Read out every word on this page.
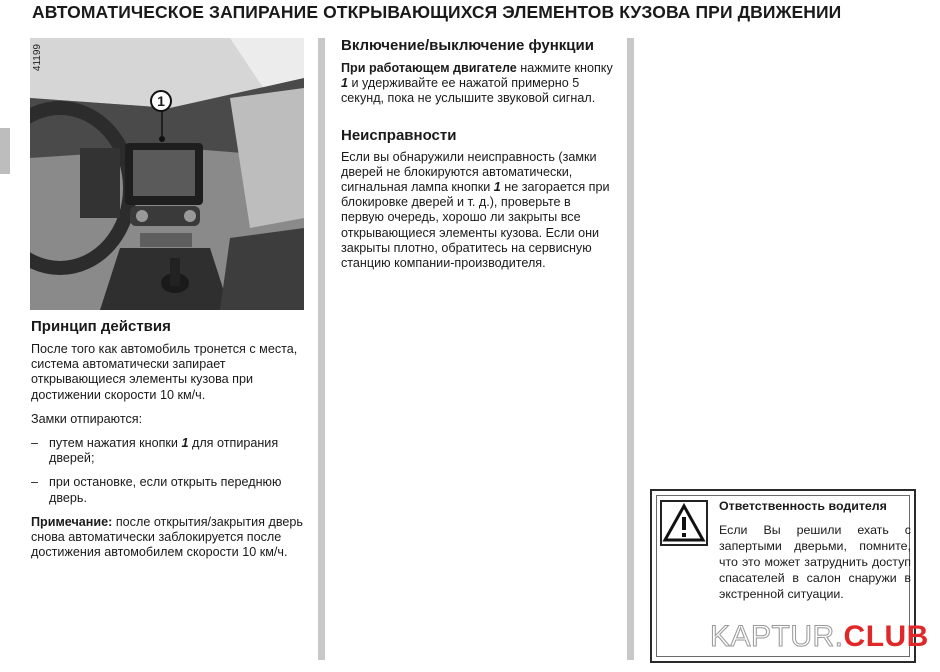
АВТОМАТИЧЕСКОЕ ЗАПИРАНИЕ ОТКРЫВАЮЩИХСЯ ЭЛЕМЕНТОВ КУЗОВА ПРИ ДВИЖЕНИИ
1
41199
Принцип действия

После того как автомобиль тронется с места, система автоматически запирает открывающиеся элементы кузова при достижении скорости 10 км/ч.

Замки отпираются:

– путем нажатия кнопки 1 для отпирания дверей;
– при остановке, если открыть переднюю дверь.

Примечание: после открытия/закрытия дверь снова автоматически заблокируется после достижения автомобилем скорости 10 км/ч.

Включение/выключение функции

При работающем двигателе нажмите кнопку 1 и удерживайте ее нажатой примерно 5 секунд, пока не услышите звуковой сигнал.

Неисправности

Если вы обнаружили неисправность (замки дверей не блокируются автоматически, сигнальная лампа кнопки 1 не загорается при блокировке дверей и т. д.), проверьте в первую очередь, хорошо ли закрыты все открывающиеся элементы кузова. Если они закрыты плотно, обратитесь на сервисную станцию компании-производителя.

Ответственность водителя
Если Вы решили ехать с запертыми дверьми, помните, что это может затруднить доступ спасателей в салон снаружи в экстренной ситуации.
KAPTUR.CLUB
